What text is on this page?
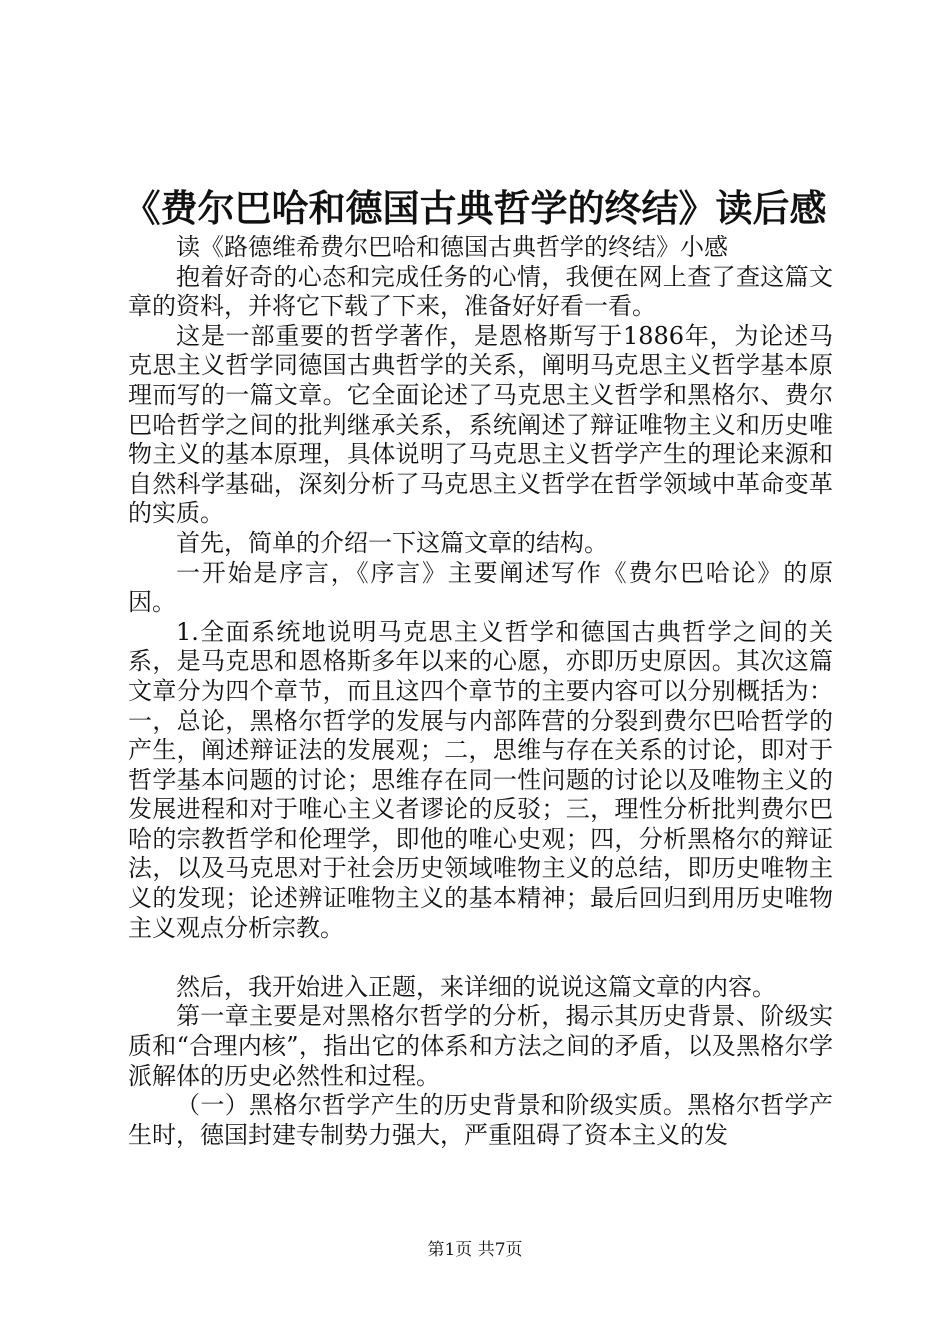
《费尔巴哈和德国古典哲学的终结》读后感

读《路德维希费尔巴哈和德国古典哲学的终结》小感

抱着好奇的心态和完成任务的心情，我便在网上查了查这篇文章的资料，并将它下载了下来，准备好好看一看。

这是一部重要的哲学著作，是恩格斯写于1886年，为论述马克思主义哲学同德国古典哲学的关系，阐明马克思主义哲学基本原理而写的一篇文章。它全面论述了马克思主义哲学和黑格尔、费尔巴哈哲学之间的批判继承关系，系统阐述了辩证唯物主义和历史唯物主义的基本原理，具体说明了马克思主义哲学产生的理论来源和自然科学基础，深刻分析了马克思主义哲学在哲学领域中革命变革的实质。

首先，简单的介绍一下这篇文章的结构。

一开始是序言，《序言》主要阐述写作《费尔巴哈论》的原因。

1.全面系统地说明马克思主义哲学和德国古典哲学之间的关系，是马克思和恩格斯多年以来的心愿，亦即历史原因。其次这篇文章分为四个章节，而且这四个章节的主要内容可以分别概括为：一，总论，黑格尔哲学的发展与内部阵营的分裂到费尔巴哈哲学的产生，阐述辩证法的发展观；二，思维与存在关系的讨论，即对于哲学基本问题的讨论；思维存在同一性问题的讨论以及唯物主义的发展进程和对于唯心主义者谬论的反驳；三，理性分析批判费尔巴哈的宗教哲学和伦理学，即他的唯心史观；四，分析黑格尔的辩证法，以及马克思对于社会历史领域唯物主义的总结，即历史唯物主义的发现；论述辨证唯物主义的基本精神；最后回归到用历史唯物主义观点分析宗教。

然后，我开始进入正题，来详细的说说这篇文章的内容。

第一章主要是对黑格尔哲学的分析，揭示其历史背景、阶级实质和“合理内核”，指出它的体系和方法之间的矛盾，以及黑格尔学派解体的历史必然性和过程。

（一）黑格尔哲学产生的历史背景和阶级实质。黑格尔哲学产生时，德国封建专制势力强大，严重阻碍了资本主义的发

第1页 共7页
